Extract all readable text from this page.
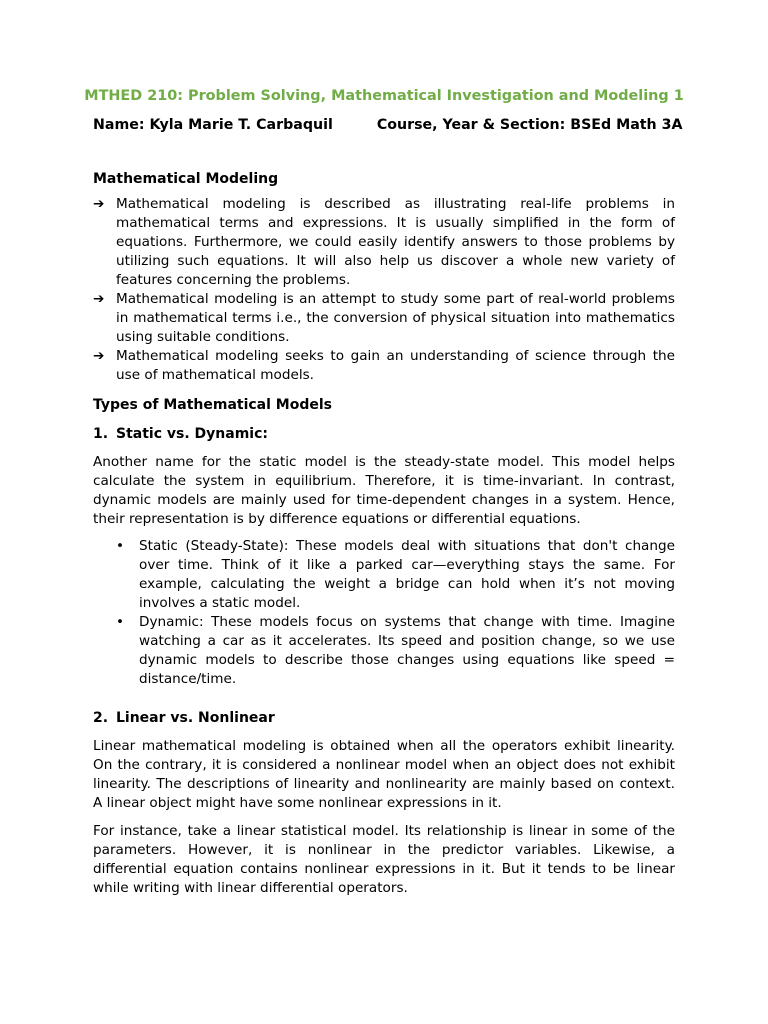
MTHED 210: Problem Solving, Mathematical Investigation and Modeling 1
Name: Kyla Marie T. Carbaquil	Course, Year & Section: BSEd Math 3A
Mathematical Modeling
➔ Mathematical modeling is described as illustrating real-life problems in mathematical terms and expressions. It is usually simplified in the form of equations. Furthermore, we could easily identify answers to those problems by utilizing such equations. It will also help us discover a whole new variety of features concerning the problems.
➔ Mathematical modeling is an attempt to study some part of real-world problems in mathematical terms i.e., the conversion of physical situation into mathematics using suitable conditions.
➔ Mathematical modeling seeks to gain an understanding of science through the use of mathematical models.
Types of Mathematical Models
1. Static vs. Dynamic:

Another name for the static model is the steady-state model. This model helps calculate the system in equilibrium. Therefore, it is time-invariant. In contrast, dynamic models are mainly used for time-dependent changes in a system. Hence, their representation is by difference equations or differential equations.

• Static (Steady-State): These models deal with situations that don't change over time. Think of it like a parked car—everything stays the same. For example, calculating the weight a bridge can hold when it’s not moving involves a static model.
• Dynamic: These models focus on systems that change with time. Imagine watching a car as it accelerates. Its speed and position change, so we use dynamic models to describe those changes using equations like speed = distance/time.
2. Linear vs. Nonlinear

Linear mathematical modeling is obtained when all the operators exhibit linearity. On the contrary, it is considered a nonlinear model when an object does not exhibit linearity. The descriptions of linearity and nonlinearity are mainly based on context. A linear object might have some nonlinear expressions in it.

For instance, take a linear statistical model. Its relationship is linear in some of the parameters. However, it is nonlinear in the predictor variables. Likewise, a differential equation contains nonlinear expressions in it. But it tends to be linear while writing with linear differential operators.
